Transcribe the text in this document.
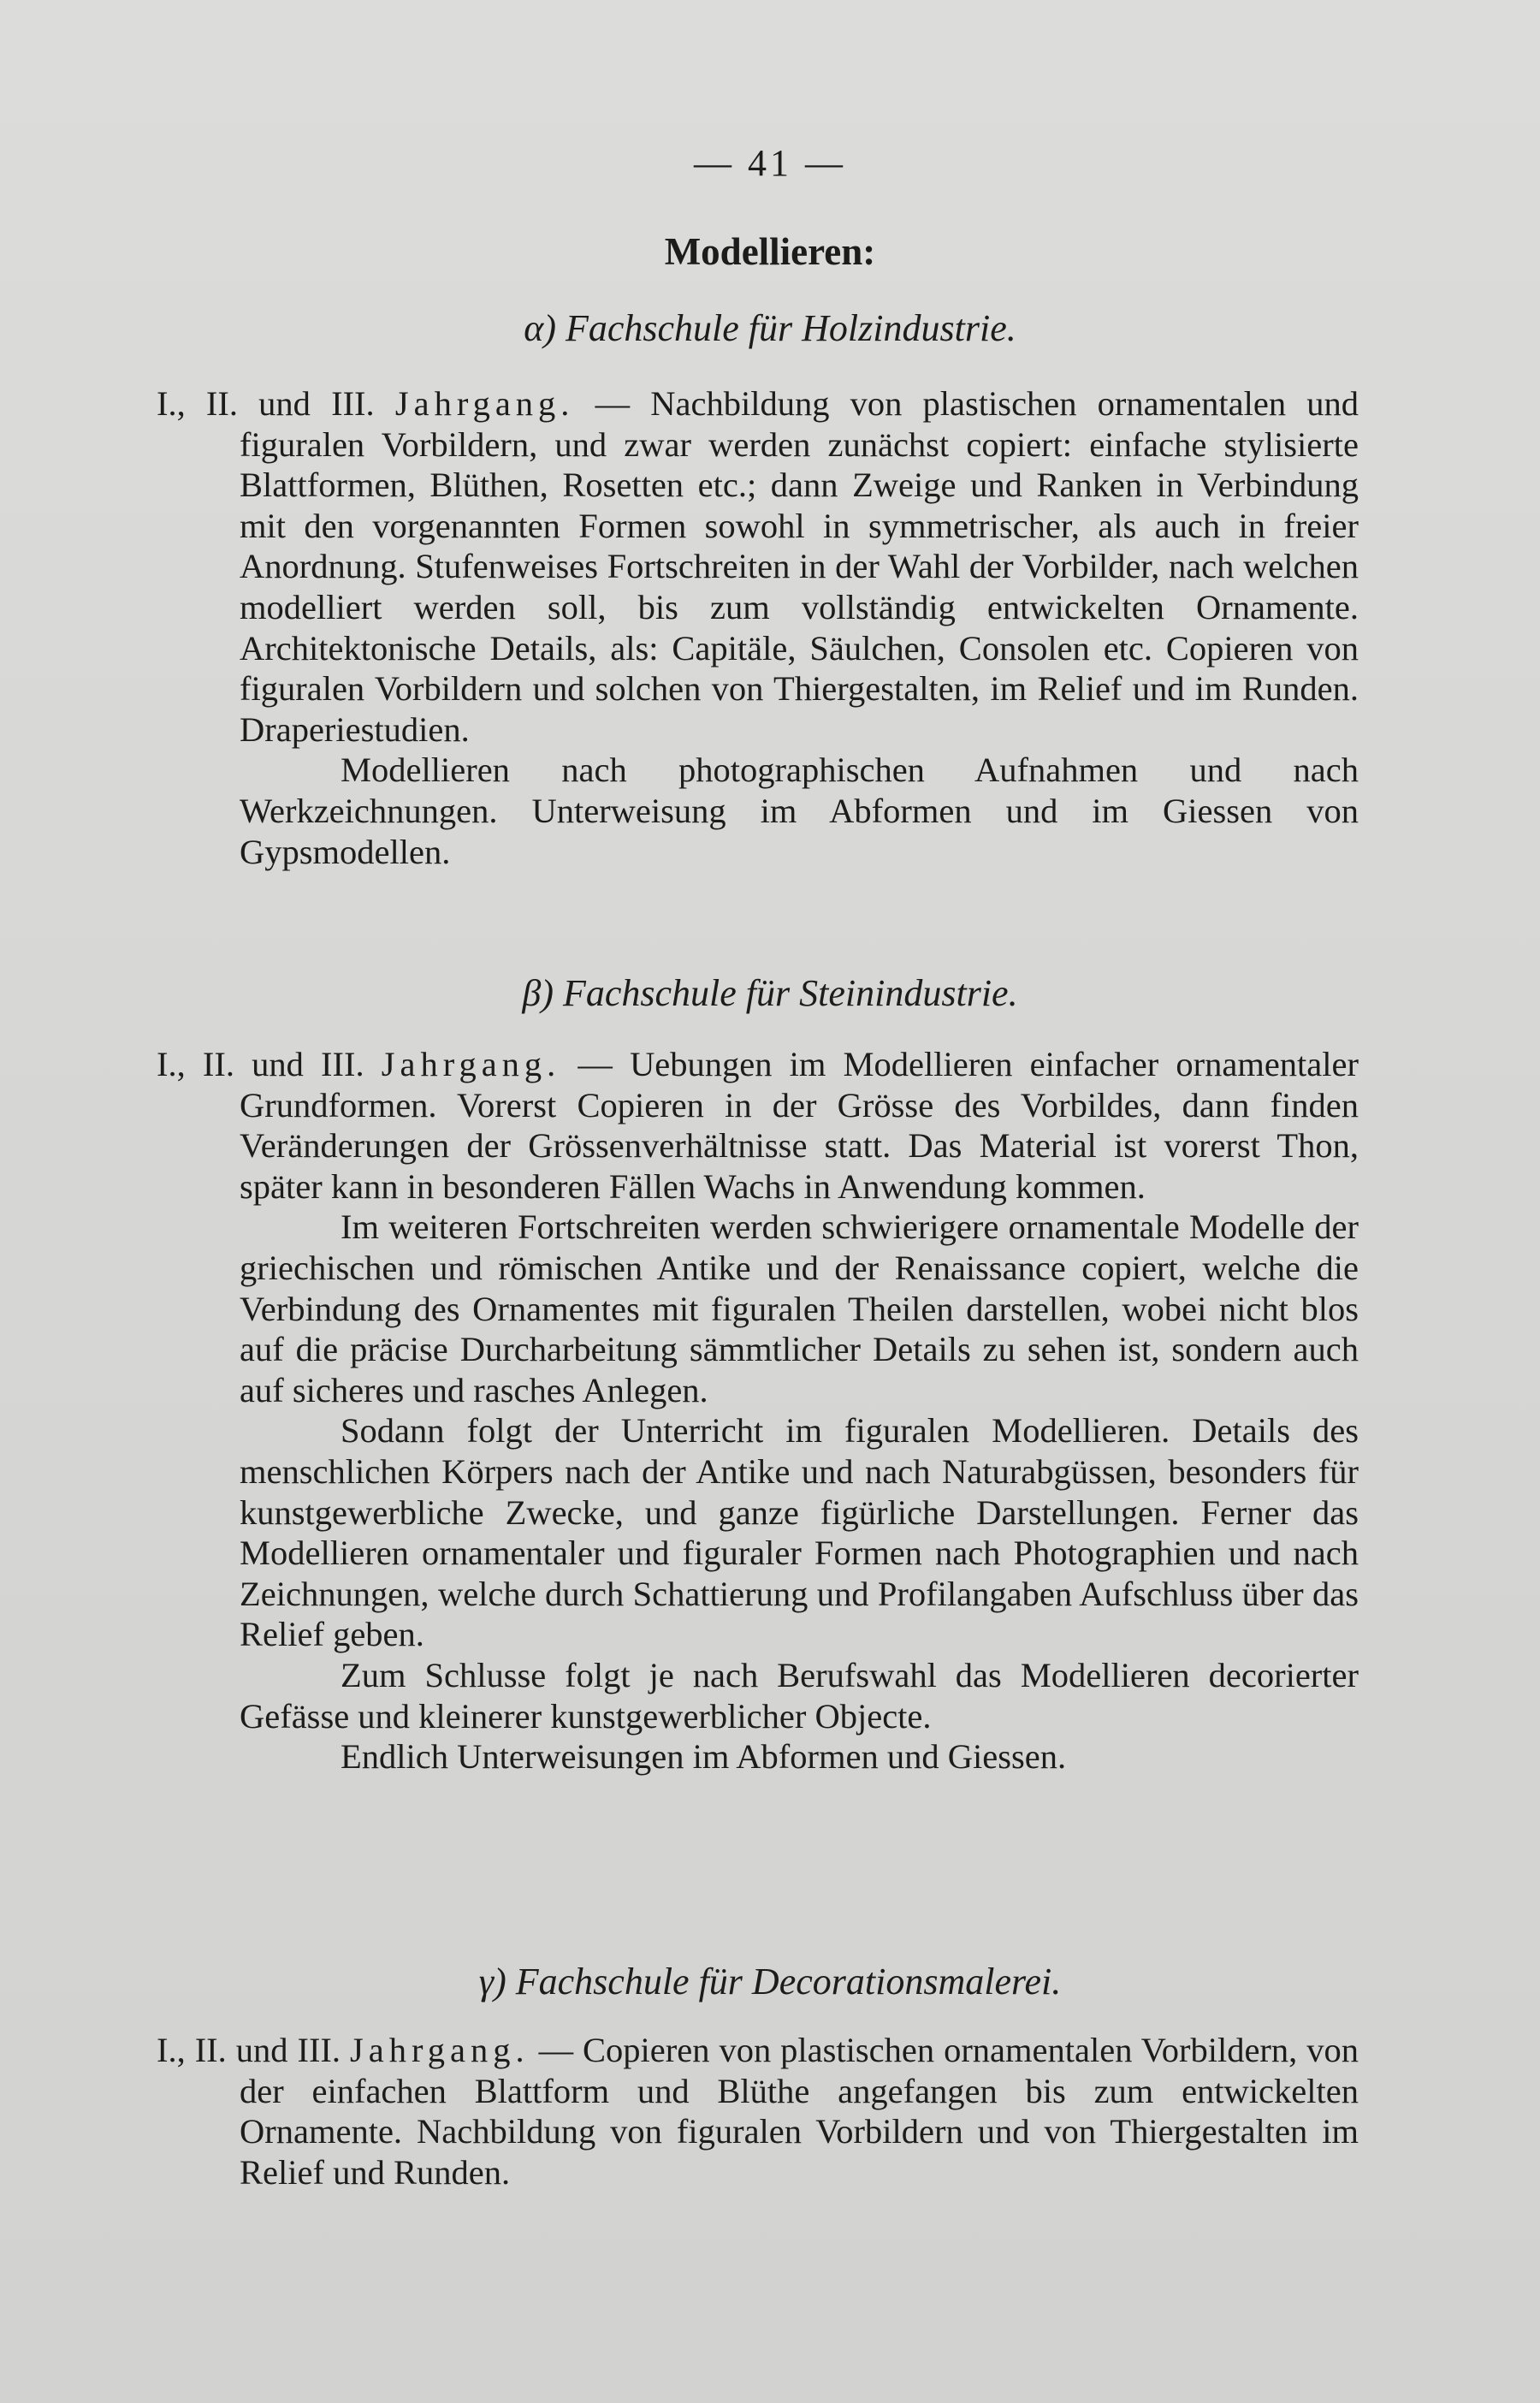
— 41 —
Modellieren:
α) Fachschule für Holzindustrie.

I., II. und III. Jahrgang. — Nachbildung von plastischen ornamentalen und figuralen Vorbildern, und zwar werden zunächst copiert: einfache stylisierte Blattformen, Blüthen, Rosetten etc.; dann Zweige und Ranken in Verbindung mit den vorgenannten Formen sowohl in symmetrischer, als auch in freier Anordnung. Stufenweises Fortschreiten in der Wahl der Vorbilder, nach welchen modelliert werden soll, bis zum vollständig entwickelten Ornamente. Architektonische Details, als: Capitäle, Säulchen, Consolen etc. Copieren von figuralen Vorbildern und solchen von Thiergestalten, im Relief und im Runden. Draperiestudien.

Modellieren nach photographischen Aufnahmen und nach Werkzeichnungen. Unterweisung im Abformen und im Giessen von Gypsmodellen.

β) Fachschule für Steinindustrie.

I., II. und III. Jahrgang. — Uebungen im Modellieren einfacher ornamentaler Grundformen. Vorerst Copieren in der Grösse des Vorbildes, dann finden Veränderungen der Grössenverhältnisse statt. Das Material ist vorerst Thon, später kann in besonderen Fällen Wachs in Anwendung kommen.

Im weiteren Fortschreiten werden schwierigere ornamentale Modelle der griechischen und römischen Antike und der Renaissance copiert, welche die Verbindung des Ornamentes mit figuralen Theilen darstellen, wobei nicht blos auf die präcise Durcharbeitung sämmtlicher Details zu sehen ist, sondern auch auf sicheres und rasches Anlegen.

Sodann folgt der Unterricht im figuralen Modellieren. Details des menschlichen Körpers nach der Antike und nach Naturabgüssen, besonders für kunstgewerbliche Zwecke, und ganze figürliche Darstellungen. Ferner das Modellieren ornamentaler und figuraler Formen nach Photographien und nach Zeichnungen, welche durch Schattierung und Profilangaben Aufschluss über das Relief geben.

Zum Schlusse folgt je nach Berufswahl das Modellieren decorierter Gefässe und kleinerer kunstgewerblicher Objecte.

Endlich Unterweisungen im Abformen und Giessen.

γ) Fachschule für Decorationsmalerei.

I., II. und III. Jahrgang. — Copieren von plastischen ornamentalen Vorbildern, von der einfachen Blattform und Blüthe angefangen bis zum entwickelten Ornamente. Nachbildung von figuralen Vorbildern und von Thiergestalten im Relief und Runden.
